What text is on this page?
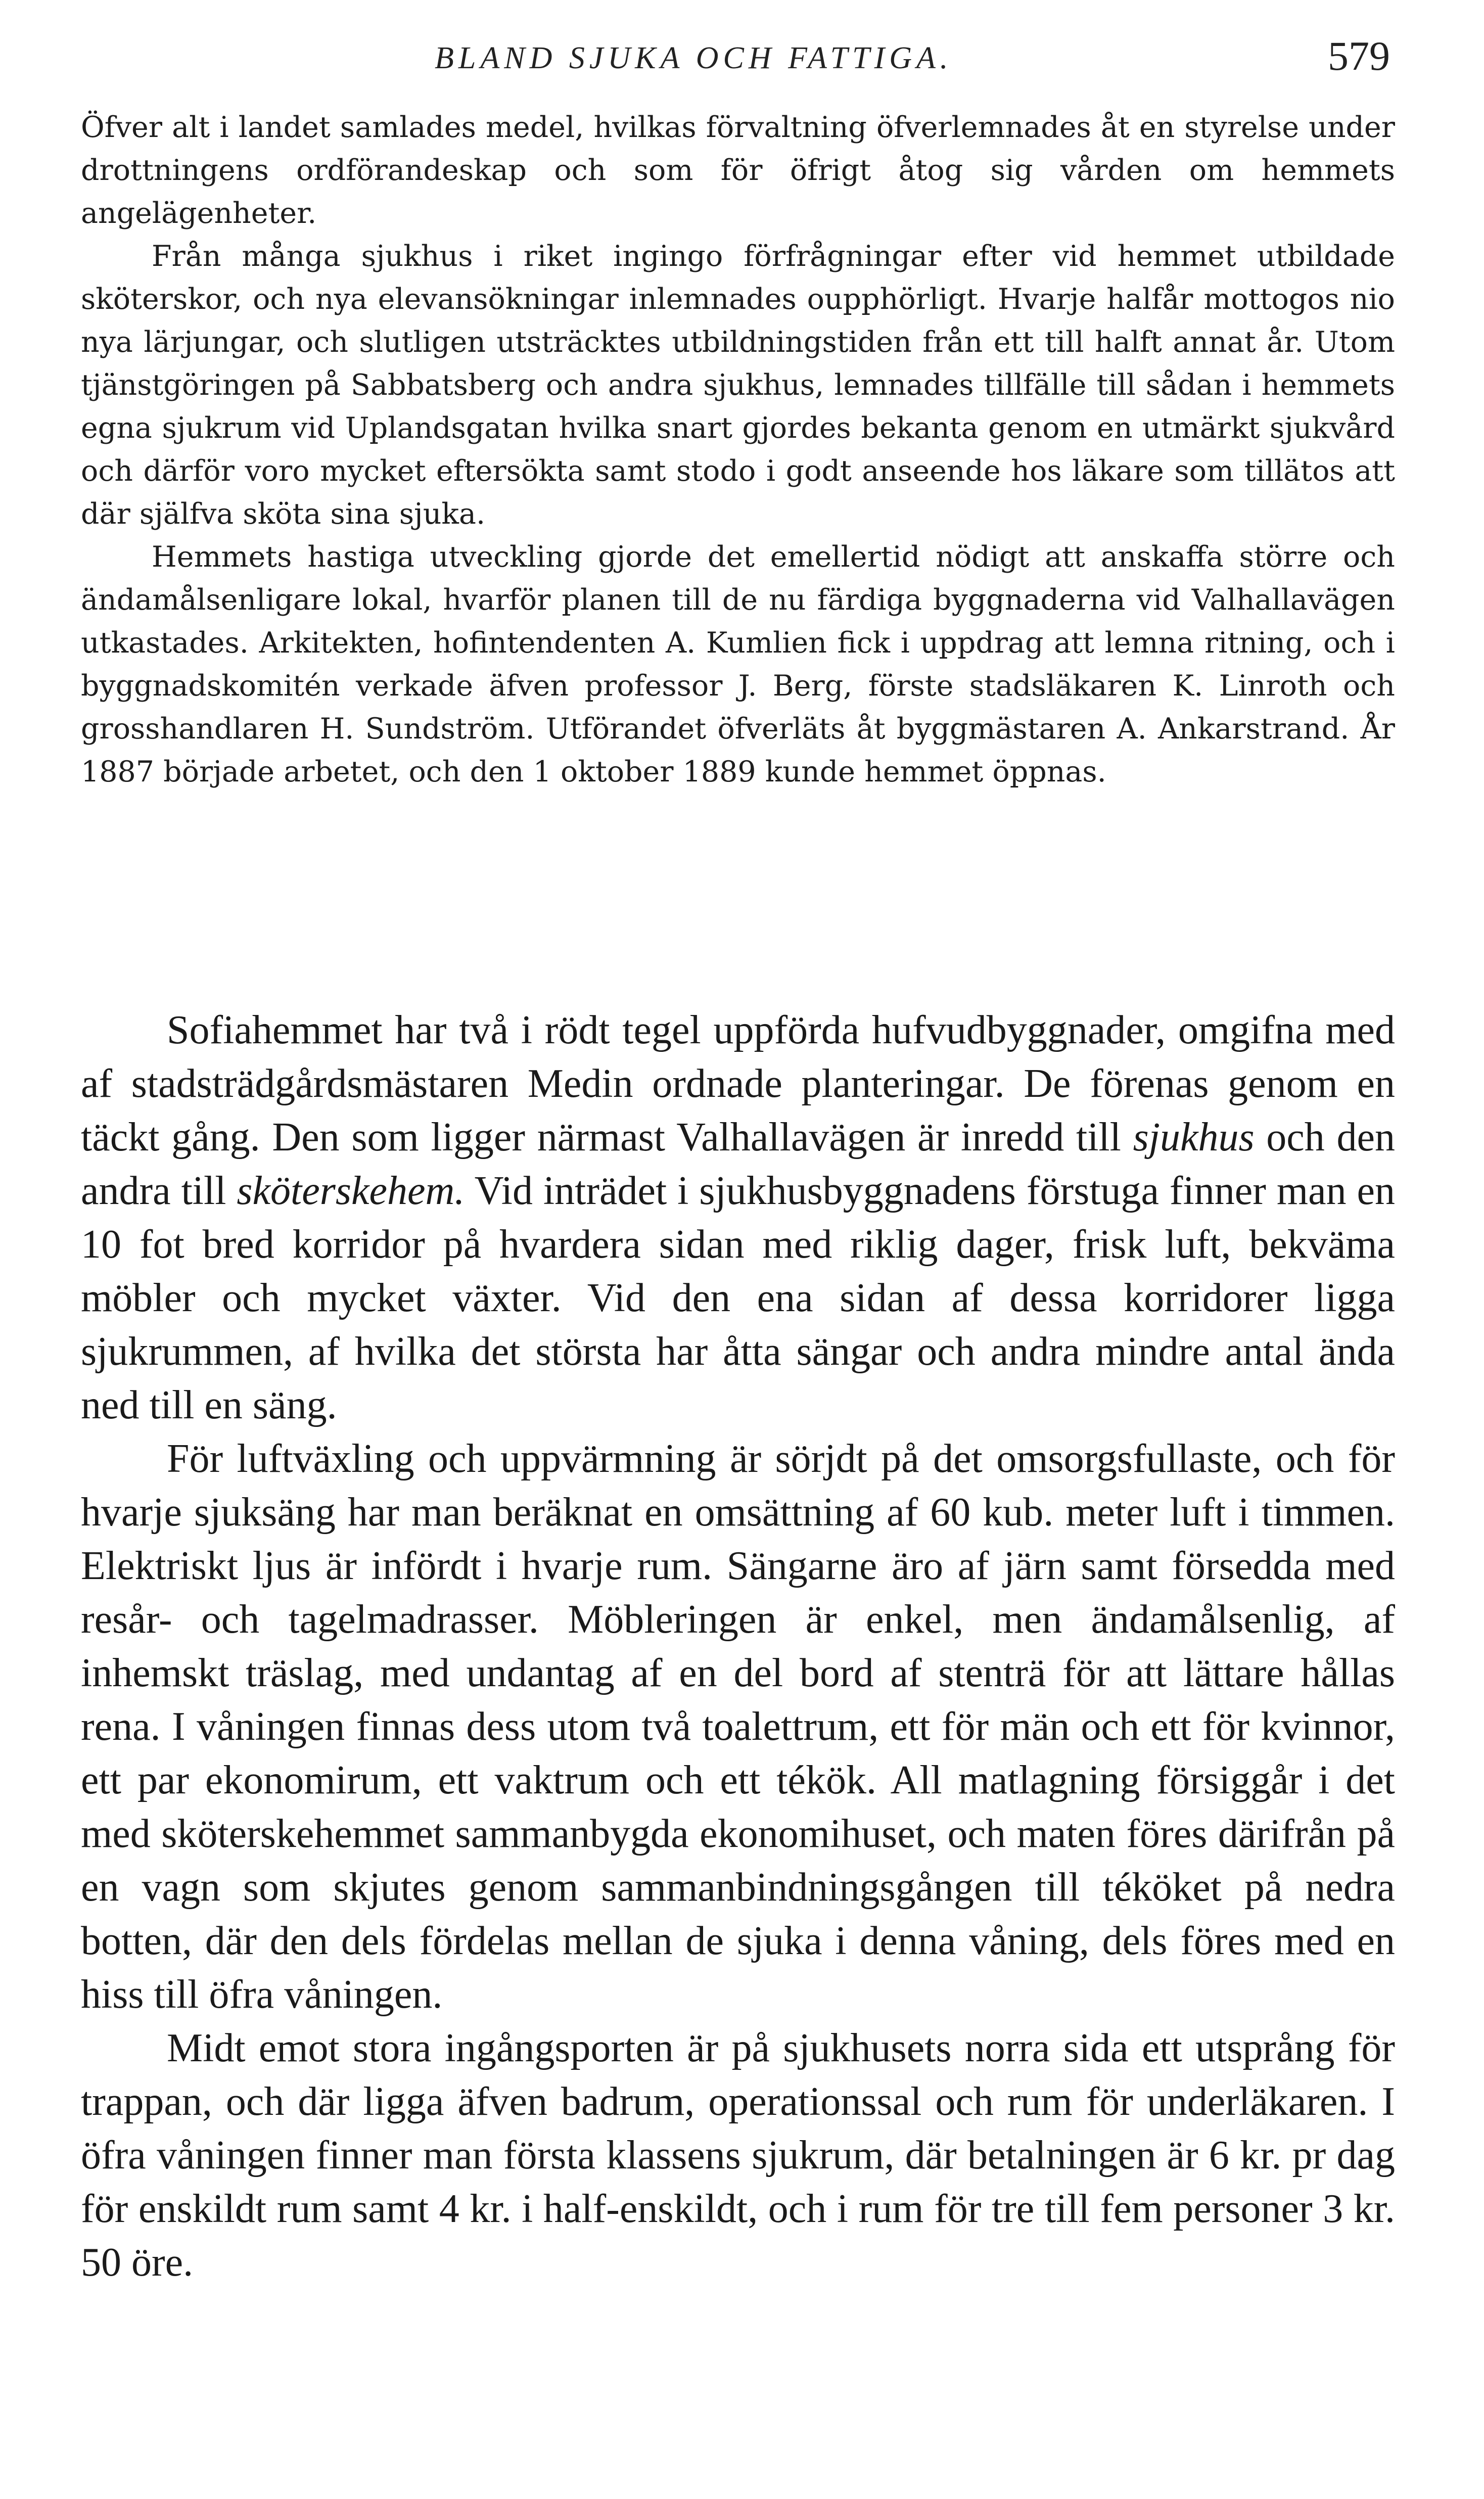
BLAND SJUKA OCH FATTIGA.	579

Öfver alt i landet samlades medel, hvilkas förvaltning öfverlemnades åt en styrelse under drottningens ordförandeskap och som för öfrigt åtog sig vården om hemmets angelägenheter.

Från många sjukhus i riket ingingo förfrågningar efter vid hemmet utbildade sköterskor, och nya elevansökningar inlemnades oupphörligt. Hvarje halfår mottogos nio nya lärjungar, och slutligen utsträcktes utbildningstiden från ett till halft annat år. Utom tjänstgöringen på Sabbatsberg och andra sjukhus, lemnades tillfälle till sådan i hemmets egna sjukrum vid Uplandsgatan hvilka snart gjordes bekanta genom en utmärkt sjukvård och därför voro mycket eftersökta samt stodo i godt anseende hos läkare som tillätos att där själfva sköta sina sjuka.

Hemmets hastiga utveckling gjorde det emellertid nödigt att anskaffa större och ändamålsenligare lokal, hvarför planen till de nu färdiga byggnaderna vid Valhallavägen utkastades. Arkitekten, hofintendenten A. Kumlien fick i uppdrag att lemna ritning, och i byggnadskomitén verkade äfven professor J. Berg, förste stadsläkaren K. Linroth och grosshandlaren H. Sundström. Utförandet öfverläts åt byggmästaren A. Ankarstrand. År 1887 började arbetet, och den 1 oktober 1889 kunde hemmet öppnas.

Sofiahemmet har två i rödt tegel uppförda hufvudbyggnader, omgifna med af stadsträdgårdsmästaren Medin ordnade planteringar. De förenas genom en täckt gång. Den som ligger närmast Valhallavägen är inredd till sjukhus och den andra till sköterskehem. Vid inträdet i sjukhusbyggnadens förstuga finner man en 10 fot bred korridor på hvardera sidan med riklig dager, frisk luft, bekväma möbler och mycket växter. Vid den ena sidan af dessa korridorer ligga sjukrummen, af hvilka det största har åtta sängar och andra mindre antal ända ned till en säng.

För luftväxling och uppvärmning är sörjdt på det omsorgsfullaste, och för hvarje sjuksäng har man beräknat en omsättning af 60 kub. meter luft i timmen. Elektriskt ljus är infördt i hvarje rum. Sängarne äro af järn samt försedda med resår- och tagelmadrasser. Möbleringen är enkel, men ändamålsenlig, af inhemskt träslag, med undantag af en del bord af stenträ för att lättare hållas rena. I våningen finnas dess utom två toalettrum, ett för män och ett för kvinnor, ett par ekonomirum, ett vaktrum och ett tékök. All matlagning försiggår i det med sköterskehemmet sammanbygda ekonomihuset, och maten föres därifrån på en vagn som skjutes genom sammanbindningsgången till téköket på nedra botten, där den dels fördelas mellan de sjuka i denna våning, dels föres med en hiss till öfra våningen.

Midt emot stora ingångsporten är på sjukhusets norra sida ett utsprång för trappan, och där ligga äfven badrum, operationssal och rum för underläkaren. I öfra våningen finner man första klassens sjukrum, där betalningen är 6 kr. pr dag för enskildt rum samt 4 kr. i half-enskildt, och i rum för tre till fem personer 3 kr. 50 öre.
